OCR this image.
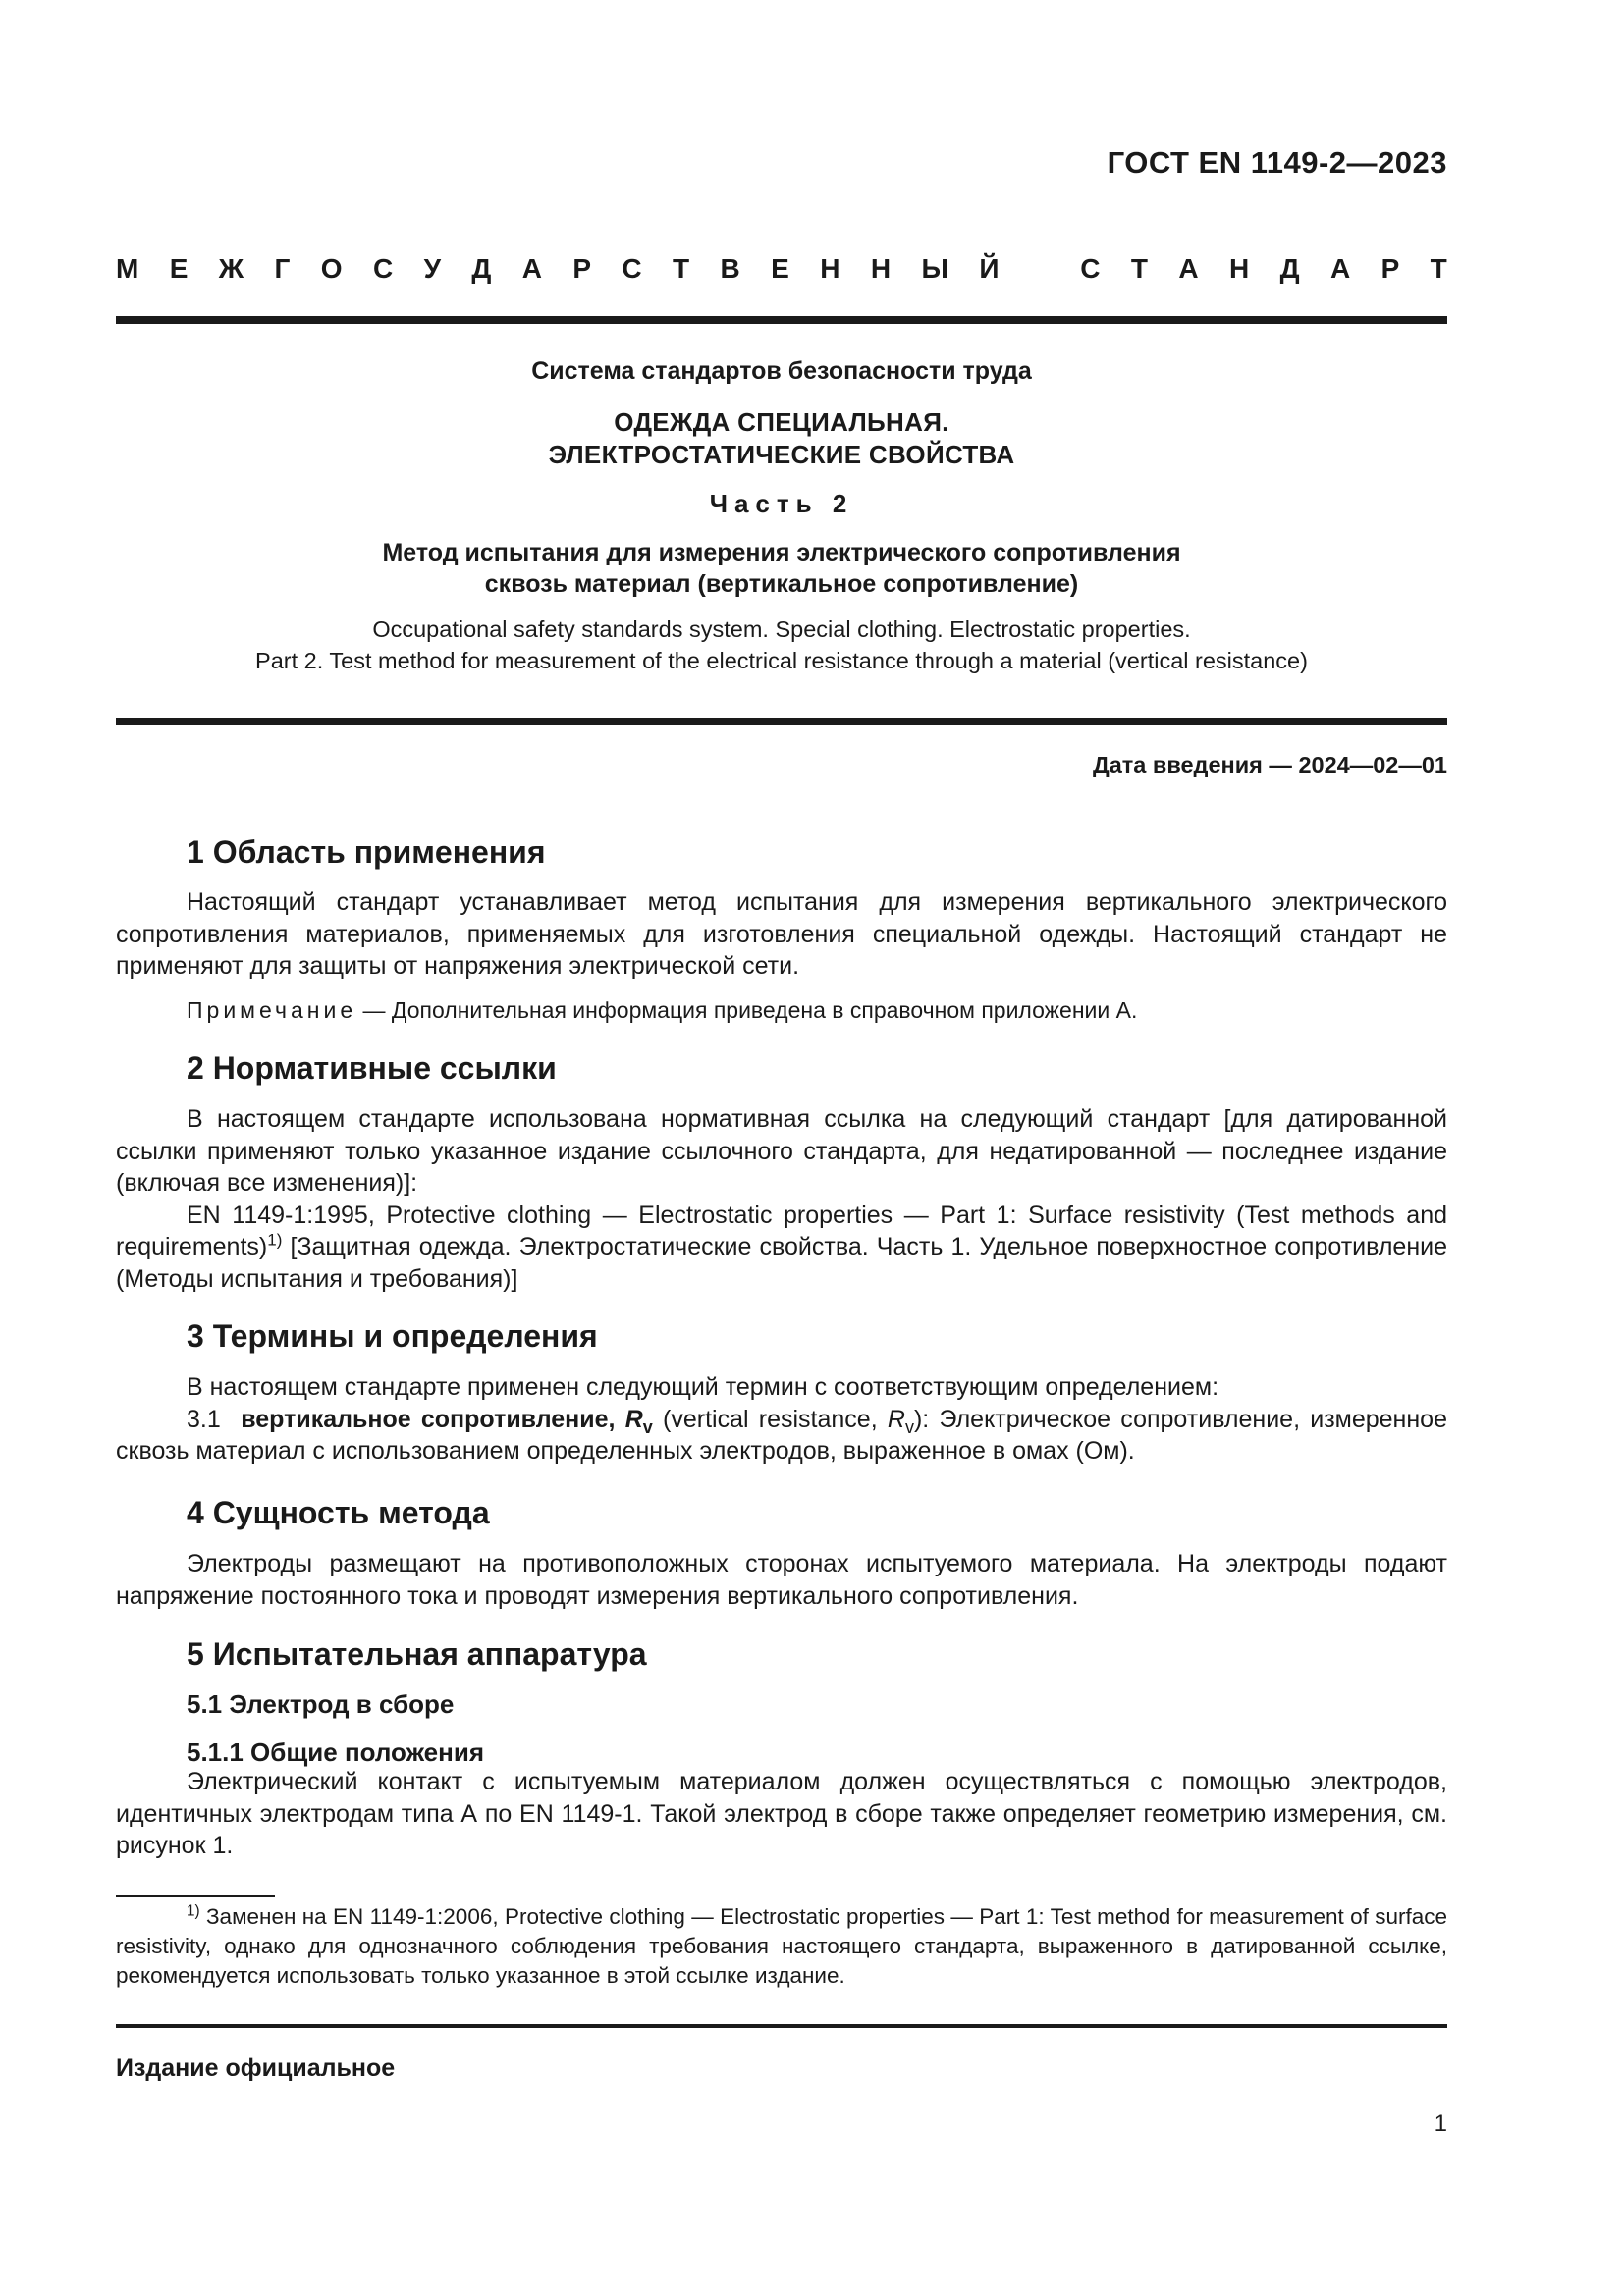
ГОСТ EN 1149-2—2023
М Е Ж Г О С У Д А Р С Т В Е Н Н Ы Й	С Т А Н Д А Р Т
Система стандартов безопасности труда
ОДЕЖДА СПЕЦИАЛЬНАЯ.
ЭЛЕКТРОСТАТИЧЕСКИЕ СВОЙСТВА
Часть 2
Метод испытания для измерения электрического сопротивления
сквозь материал (вертикальное сопротивление)
Occupational safety standards system. Special clothing. Electrostatic properties.
Part 2. Test method for measurement of the electrical resistance through a material (vertical resistance)
Дата введения — 2024—02—01
1 Область применения

Настоящий стандарт устанавливает метод испытания для измерения вертикального электрического сопротивления материалов, применяемых для изготовления специальной одежды. Настоящий стандарт не применяют для защиты от напряжения электрической сети.

Примечание — Дополнительная информация приведена в справочном приложении А.
2 Нормативные ссылки

В настоящем стандарте использована нормативная ссылка на следующий стандарт [для датированной ссылки применяют только указанное издание ссылочного стандарта, для недатированной — последнее издание (включая все изменения)]:

EN 1149-1:1995, Protective clothing — Electrostatic properties — Part 1: Surface resistivity (Test methods and requirements)$^{1)}$ [Защитная одежда. Электростатические свойства. Часть 1. Удельное поверхностное сопротивление (Методы испытания и требования)]

3 Термины и определения

В настоящем стандарте применен следующий термин с соответствующим определением:

3.1 вертикальное сопротивление, $R_v$ (vertical resistance, $R_v$): Электрическое сопротивление, измеренное сквозь материал с использованием определенных электродов, выраженное в омах (Ом).

4 Сущность метода

Электроды размещают на противоположных сторонах испытуемого материала. На электроды подают напряжение постоянного тока и проводят измерения вертикального сопротивления.

5 Испытательная аппаратура
5.1 Электрод в сборе
5.1.1 Общие положения

Электрический контакт с испытуемым материалом должен осуществляться с помощью электродов, идентичных электродам типа А по EN 1149-1. Такой электрод в сборе также определяет геометрию измерения, см. рисунок 1.

$^{1)}$ Заменен на EN 1149-1:2006, Protective clothing — Electrostatic properties — Part 1: Test method for measurement of surface resistivity, однако для однозначного соблюдения требования настоящего стандарта, выраженного в датированной ссылке, рекомендуется использовать только указанное в этой ссылке издание.

Издание официальное
1
